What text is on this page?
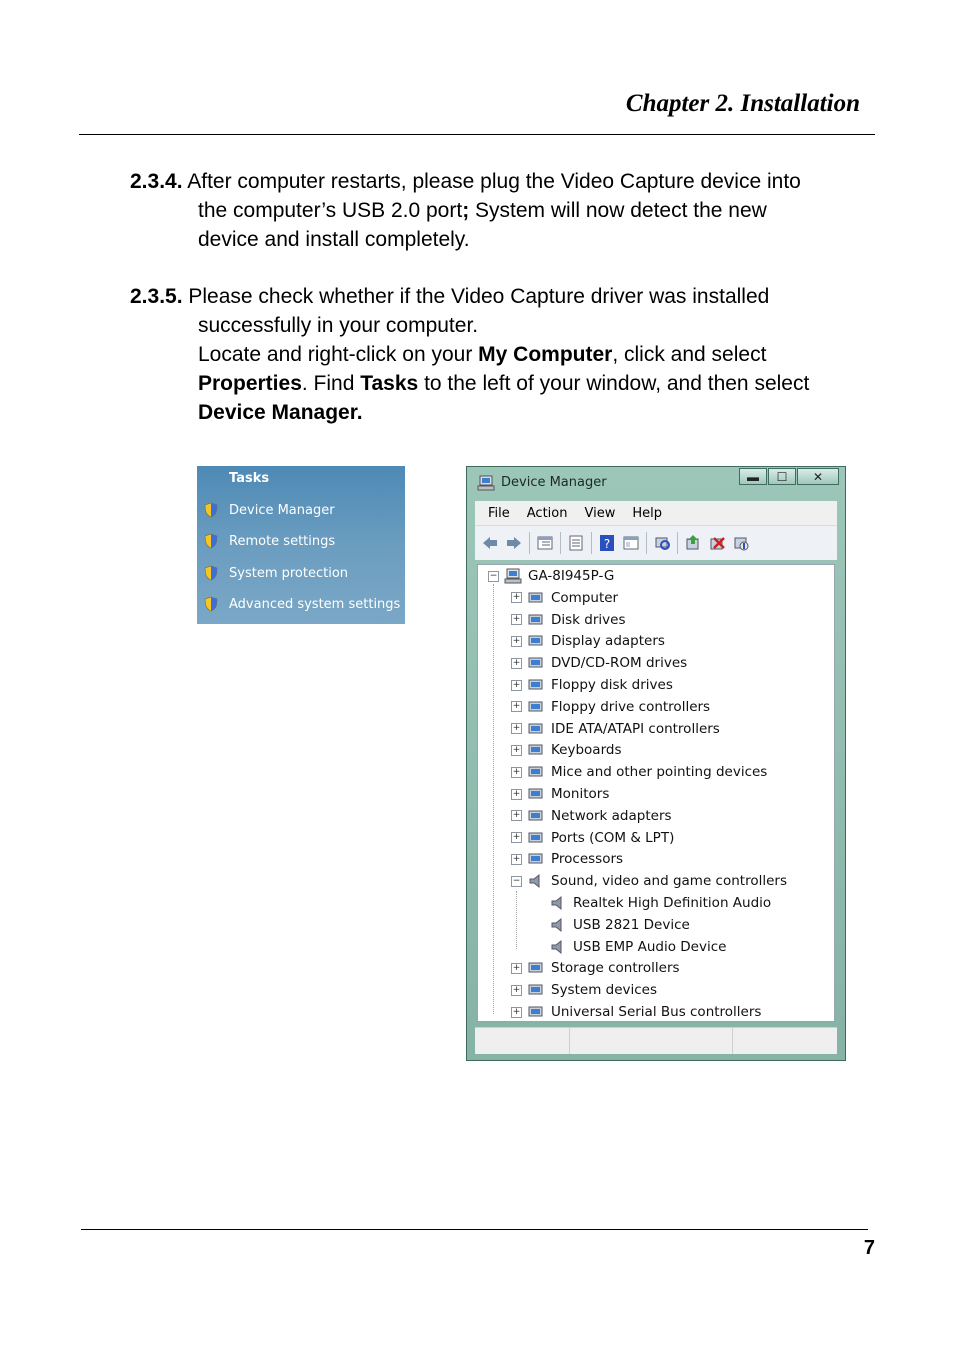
Chapter 2. Installation
2.3.4. After computer restarts, please plug the Video Capture device into
the computer’s USB 2.0 port; System will now detect the new
device and install completely.
2.3.5. Please check whether if the Video Capture driver was installed
successfully in your computer.
Locate and right-click on your My Computer, click and select
Properties. Find Tasks to the left of your window, and then select
Device Manager.
Tasks
Device Manager
Remote settings
System protection
Advanced system settings
Device Manager	▬	☐	✕
File Action View Help
?
− GA-8I945P-G
+ Computer
+ Disk drives
+ Display adapters
+ DVD/CD-ROM drives
+ Floppy disk drives
+ Floppy drive controllers
+ IDE ATA/ATAPI controllers
+ Keyboards
+ Mice and other pointing devices
+ Monitors
+ Network adapters
+ Ports (COM & LPT)
+ Processors
− Sound, video and game controllers
Realtek High Definition Audio
USB 2821 Device
USB EMP Audio Device
+ Storage controllers
+ System devices
+ Universal Serial Bus controllers
7
